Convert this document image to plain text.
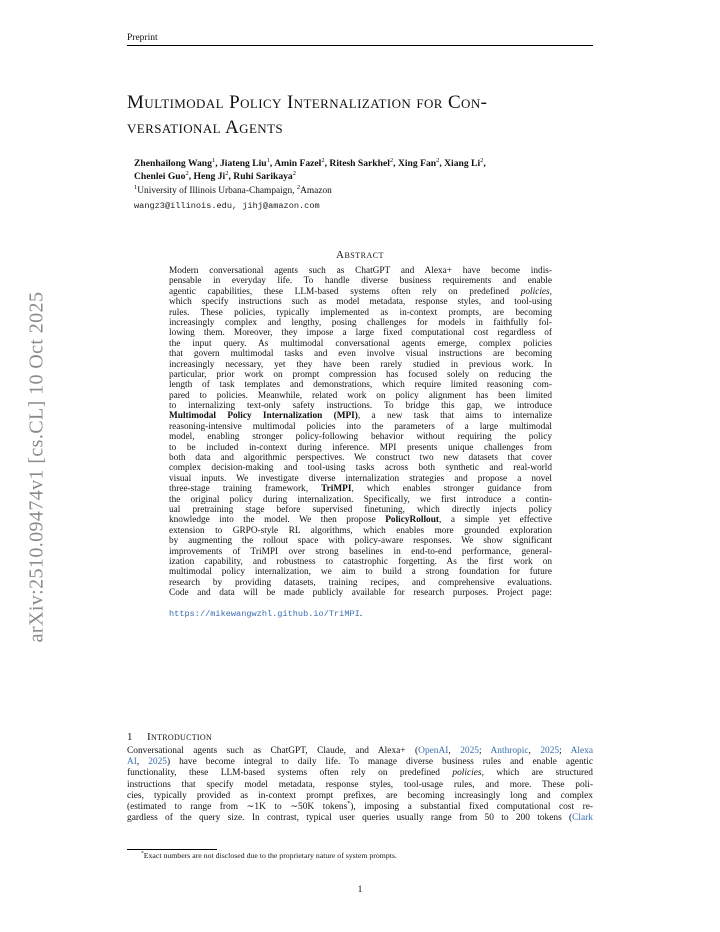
Preprint
arXiv:2510.09474v1 [cs.CL] 10 Oct 2025
Multimodal Policy Internalization for Con-
versational Agents
Zhenhailong Wang$^1$, Jiateng Liu$^1$, Amin Fazel$^2$, Ritesh Sarkhel$^2$, Xing Fan$^2$, Xiang Li$^2$,
Chenlei Guo$^2$, Heng Ji$^2$, Ruhi Sarikaya$^2$
$^1$University of Illinois Urbana-Champaign, $^2$Amazon
wangz3@illinois.edu, jihj@amazon.com
Abstract
Modern conversational agents such as ChatGPT and Alexa+ have become indis-
pensable in everyday life. To handle diverse business requirements and enable
agentic capabilities, these LLM-based systems often rely on predefined policies,
which specify instructions such as model metadata, response styles, and tool-using
rules. These policies, typically implemented as in-context prompts, are becoming
increasingly complex and lengthy, posing challenges for models in faithfully fol-
lowing them. Moreover, they impose a large fixed computational cost regardless of
the input query. As multimodal conversational agents emerge, complex policies
that govern multimodal tasks and even involve visual instructions are becoming
increasingly necessary, yet they have been rarely studied in previous work. In
particular, prior work on prompt compression has focused solely on reducing the
length of task templates and demonstrations, which require limited reasoning com-
pared to policies. Meanwhile, related work on policy alignment has been limited
to internalizing text-only safety instructions. To bridge this gap, we introduce
Multimodal Policy Internalization (MPI), a new task that aims to internalize
reasoning-intensive multimodal policies into the parameters of a large multimodal
model, enabling stronger policy-following behavior without requiring the policy
to be included in-context during inference. MPI presents unique challenges from
both data and algorithmic perspectives. We construct two new datasets that cover
complex decision-making and tool-using tasks across both synthetic and real-world
visual inputs. We investigate diverse internalization strategies and propose a novel
three-stage training framework, TriMPI, which enables stronger guidance from
the original policy during internalization. Specifically, we first introduce a contin-
ual pretraining stage before supervised finetuning, which directly injects policy
knowledge into the model. We then propose PolicyRollout, a simple yet effective
extension to GRPO-style RL algorithms, which enables more grounded exploration
by augmenting the rollout space with policy-aware responses. We show significant
improvements of TriMPI over strong baselines in end-to-end performance, general-
ization capability, and robustness to catastrophic forgetting. As the first work on
multimodal policy internalization, we aim to build a strong foundation for future
research by providing datasets, training recipes, and comprehensive evaluations.
Code and data will be made publicly available for research purposes. Project page:
https://mikewangwzhl.github.io/TriMPI.
1 Introduction
Conversational agents such as ChatGPT, Claude, and Alexa+ (OpenAI, 2025; Anthropic, 2025; Alexa
AI, 2025) have become integral to daily life. To manage diverse business rules and enable agentic
functionality, these LLM-based systems often rely on predefined policies, which are structured
instructions that specify model metadata, response styles, tool-usage rules, and more. These poli-
cies, typically provided as in-context prompt prefixes, are becoming increasingly long and complex
(estimated to range from ∼1K to ∼50K tokens*), imposing a substantial fixed computational cost re-
gardless of the query size. In contrast, typical user queries usually range from 50 to 200 tokens (Clark
*Exact numbers are not disclosed due to the proprietary nature of system prompts.
1
